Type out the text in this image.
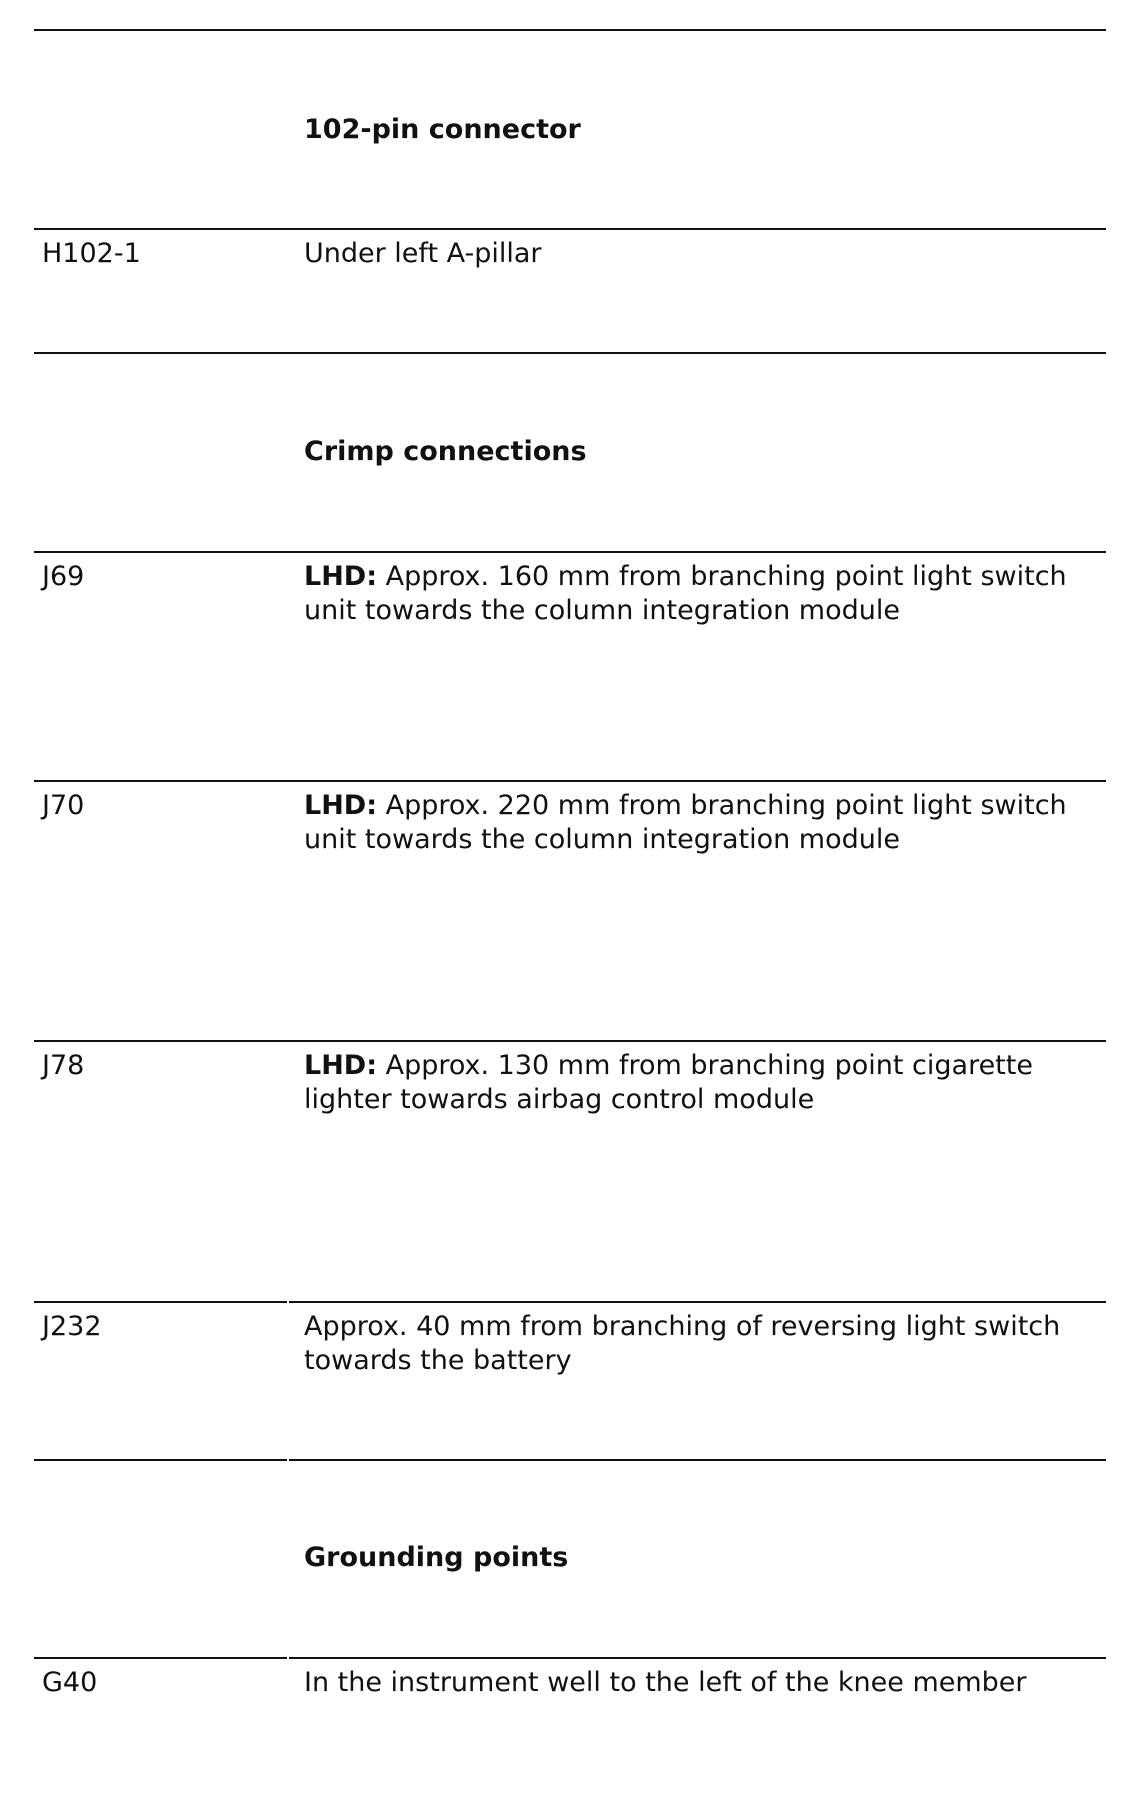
102-pin connector
H102-1	Under left A-pillar
Crimp connections
J69	LHD: Approx. 160 mm from branching point light switch unit towards the column integration module
J70	LHD: Approx. 220 mm from branching point light switch unit towards the column integration module
J78	LHD: Approx. 130 mm from branching point cigarette lighter towards airbag control module
J232	Approx. 40 mm from branching of reversing light switch towards the battery
Grounding points
G40	In the instrument well to the left of the knee member
